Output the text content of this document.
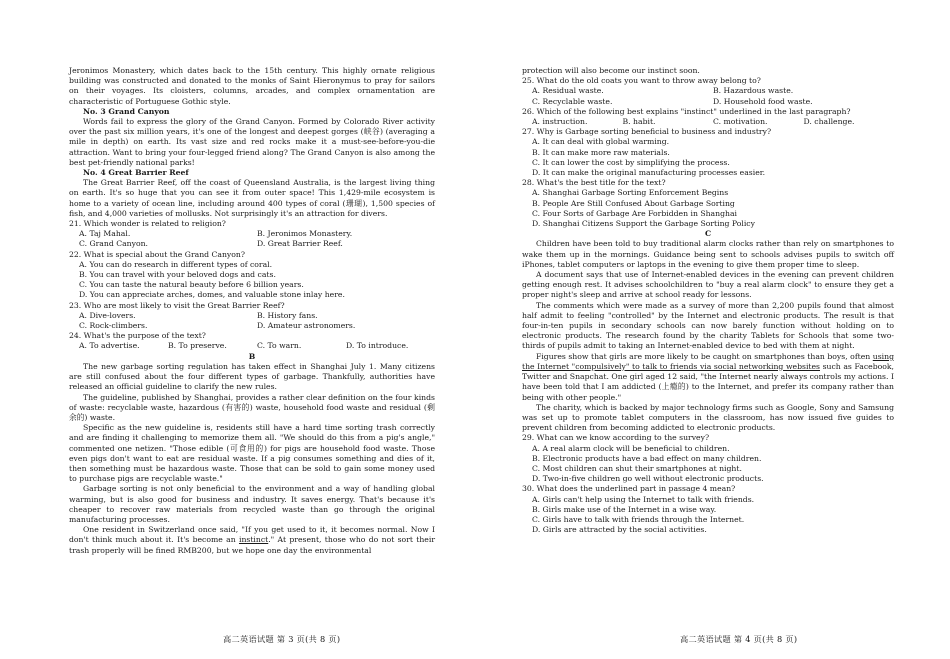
Jeronimos Monastery, which dates back to the 15th century. This highly ornate religious building was constructed and donated to the monks of Saint Hieronymus to pray for sailors on their voyages. Its cloisters, columns, arcades, and complex ornamentation are characteristic of Portuguese Gothic style.

No. 3 Grand Canyon

Words fail to express the glory of the Grand Canyon. Formed by Colorado River activity over the past six million years, it's one of the longest and deepest gorges (峡谷) (averaging a mile in depth) on earth. Its vast size and red rocks make it a must-see-before-you-die attraction. Want to bring your four-legged friend along? The Grand Canyon is also among the best pet-friendly national parks!

No. 4 Great Barrier Reef

The Great Barrier Reef, off the coast of Queensland Australia, is the largest living thing on earth. It's so huge that you can see it from outer space! This 1,429-mile ecosystem is home to a variety of ocean line, including around 400 types of coral (珊瑚), 1,500 species of fish, and 4,000 varieties of mollusks. Not surprisingly it's an attraction for divers.

21. Which wonder is related to religion?

A. Taj Mahal.	B. Jeronimos Monastery.
C. Grand Canyon.	D. Great Barrier Reef.

22. What is special about the Grand Canyon?

A. You can do research in different types of coral.

B. You can travel with your beloved dogs and cats.

C. You can taste the natural beauty before 6 billion years.

D. You can appreciate arches, domes, and valuable stone inlay here.

23. Who are most likely to visit the Great Barrier Reef?

A. Dive-lovers.	B. History fans.
C. Rock-climbers.	D. Amateur astronomers.

24. What's the purpose of the text?

A. To advertise.	B. To preserve.	C. To warn.	D. To introduce.

B

The new garbage sorting regulation has taken effect in Shanghai July 1. Many citizens are still confused about the four different types of garbage. Thankfully, authorities have released an official guideline to clarify the new rules.

The guideline, published by Shanghai, provides a rather clear definition on the four kinds of waste: recyclable waste, hazardous (有害的) waste, household food waste and residual (剩余的) waste.

Specific as the new guideline is, residents still have a hard time sorting trash correctly and are finding it challenging to memorize them all. "We should do this from a pig's angle," commented one netizen. "Those edible (可食用的) for pigs are household food waste. Those even pigs don't want to eat are residual waste. If a pig consumes something and dies of it, then something must be hazardous waste. Those that can be sold to gain some money used to purchase pigs are recyclable waste."

Garbage sorting is not only beneficial to the environment and a way of handling global warming, but is also good for business and industry. It saves energy. That's because it's cheaper to recover raw materials from recycled waste than go through the original manufacturing processes.

One resident in Switzerland once said, "If you get used to it, it becomes normal. Now I don't think much about it. It's become an instinct." At present, those who do not sort their trash properly will be fined RMB200, but we hope one day the environmental

protection will also become our instinct soon.

25. What do the old coats you want to throw away belong to?

A. Residual waste.	B. Hazardous waste.
C. Recyclable waste.	D. Household food waste.

26. Which of the following best explains "instinct" underlined in the last paragraph?

A. instruction.	B. habit.	C. motivation.	D. challenge.

27. Why is Garbage sorting beneficial to business and industry?

A. It can deal with global warming.

B. It can make more raw materials.

C. It can lower the cost by simplifying the process.

D. It can make the original manufacturing processes easier.

28. What's the best title for the text?

A. Shanghai Garbage Sorting Enforcement Begins

B. People Are Still Confused About Garbage Sorting

C. Four Sorts of Garbage Are Forbidden in Shanghai

D. Shanghai Citizens Support the Garbage Sorting Policy

C

Children have been told to buy traditional alarm clocks rather than rely on smartphones to wake them up in the mornings. Guidance being sent to schools advises pupils to switch off iPhones, tablet computers or laptops in the evening to give them proper time to sleep.

A document says that use of Internet-enabled devices in the evening can prevent children getting enough rest. It advises schoolchildren to "buy a real alarm clock" to ensure they get a proper night's sleep and arrive at school ready for lessons.

The comments which were made as a survey of more than 2,200 pupils found that almost half admit to feeling "controlled" by the Internet and electronic products. The result is that four-in-ten pupils in secondary schools can now barely function without holding on to electronic products. The research found by the charity Tablets for Schools that some two-thirds of pupils admit to taking an Internet-enabled device to bed with them at night.

Figures show that girls are more likely to be caught on smartphones than boys, often using the Internet "compulsively" to talk to friends via social networking websites such as Facebook, Twitter and Snapchat. One girl aged 12 said, "the Internet nearly always controls my actions. I have been told that I am addicted (上瘾的) to the Internet, and prefer its company rather than being with other people."

The charity, which is backed by major technology firms such as Google, Sony and Samsung was set up to promote tablet computers in the classroom, has now issued five guides to prevent children from becoming addicted to electronic products.

29. What can we know according to the survey?

A. A real alarm clock will be beneficial to children.

B. Electronic products have a bad effect on many children.

C. Most children can shut their smartphones at night.

D. Two-in-five children go well without electronic products.

30. What does the underlined part in passage 4 mean?

A. Girls can't help using the Internet to talk with friends.

B. Girls make use of the Internet in a wise way.

C. Girls have to talk with friends through the Internet.

D. Girls are attracted by the social activities.

高二英语试题 第 3 页(共 8 页)	高二英语试题 第 4 页(共 8 页)
